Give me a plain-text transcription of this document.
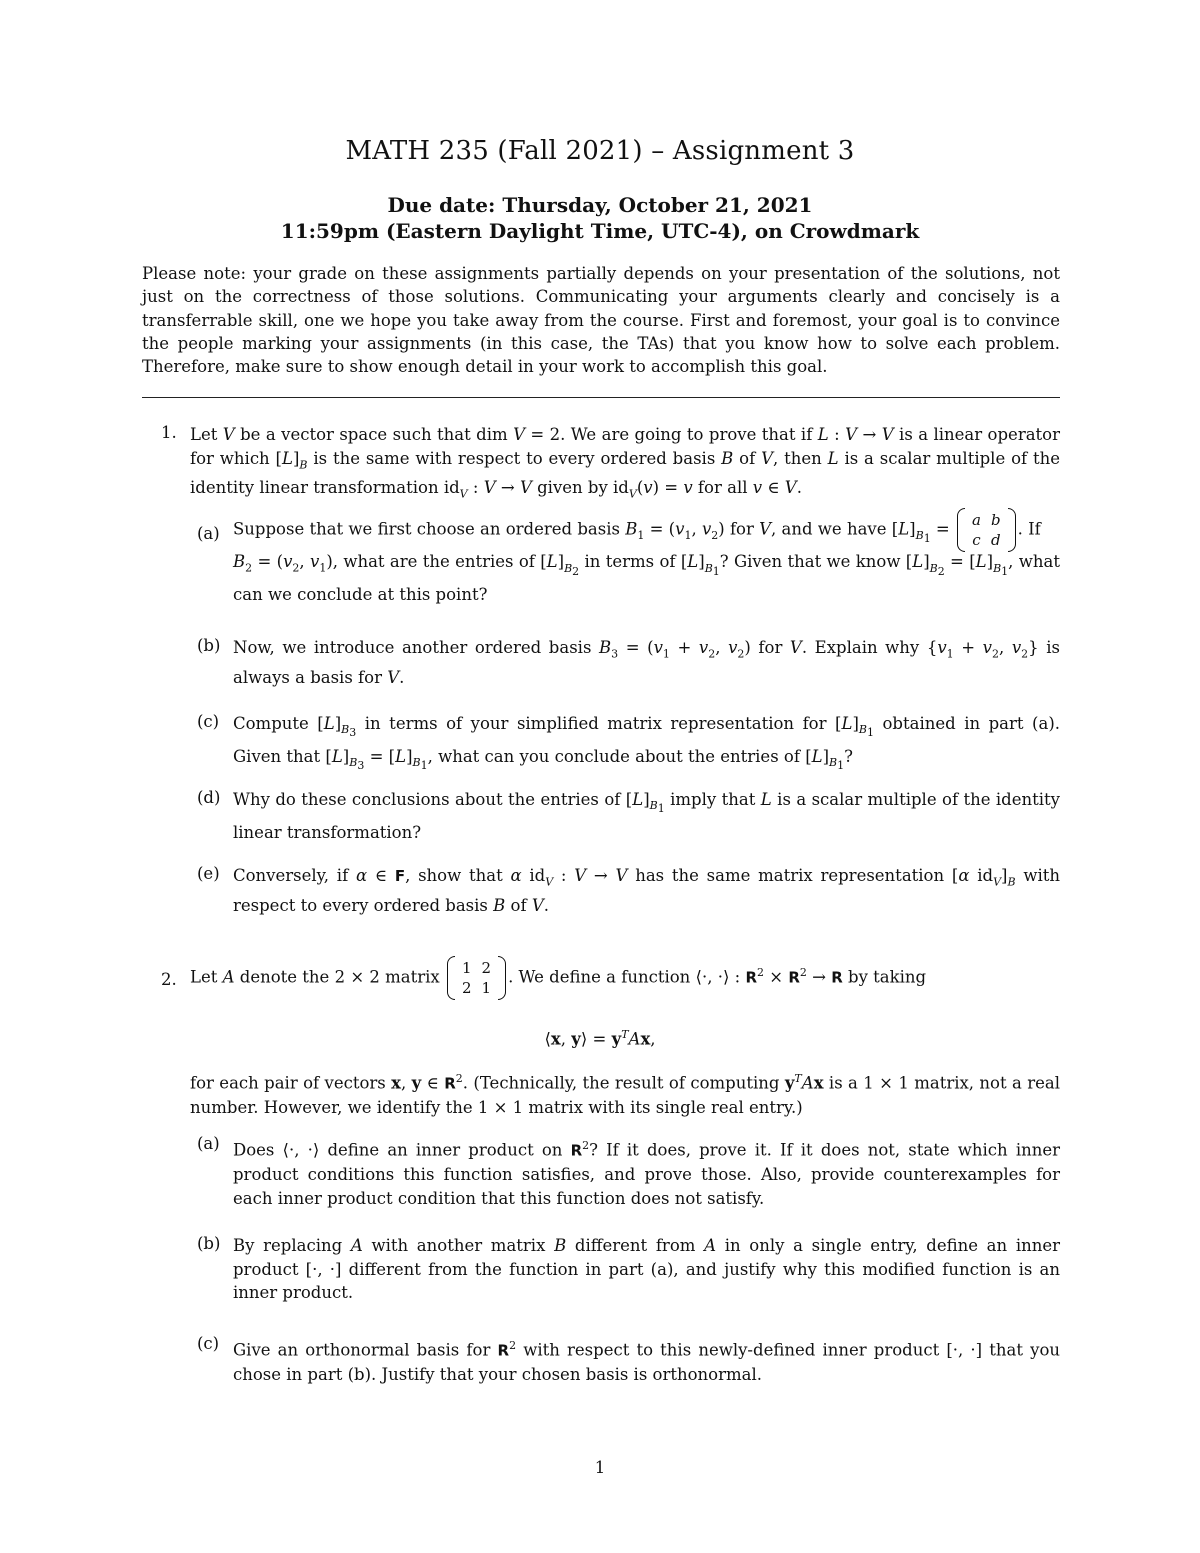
MATH 235 (Fall 2021) – Assignment 3
Due date: Thursday, October 21, 2021
11:59pm (Eastern Daylight Time, UTC-4), on Crowdmark
Please note: your grade on these assignments partially depends on your presentation of the solutions, not just on the correctness of those solutions. Communicating your arguments clearly and concisely is a transferrable skill, one we hope you take away from the course. First and foremost, your goal is to convince the people marking your assignments (in this case, the TAs) that you know how to solve each problem. Therefore, make sure to show enough detail in your work to accomplish this goal.
1. Let V be a vector space such that dim V = 2. We are going to prove that if L : V → V is a linear operator for which $[L]_B$ is the same with respect to every ordered basis B of V, then L is a scalar multiple of the identity linear transformation $id_V$ : V → V given by $id_V(v) = v$ for all v ∈ V.
(a) Suppose that we first choose an ordered basis $B_1 = (v_1$, $v_2$) for V, and we have $[L]_{B_1} = a$	b
c	d
. If
$B_2 = (v_2$, $v_1$), what are the entries of $[L]_{B_2}$ in terms of $[L]_{B_1}$? Given that we know $[L]_{B_2} = [L]_{B_1}$, what can we conclude at this point?
(b) Now, we introduce another ordered basis $B_3 = (v_1 + v_2$, $v_2$) for V. Explain why {$v_1 + v_2$, $v_2$} is always a basis for V.
(c) Compute $[L]_{B_3}$ in terms of your simplified matrix representation for $[L]_{B_1}$ obtained in part (a). Given that $[L]_{B_3} = [L]_{B_1}$, what can you conclude about the entries of $[L]_{B_1}$?
(d) Why do these conclusions about the entries of $[L]_{B_1}$ imply that L is a scalar multiple of the identity linear transformation?
(e) Conversely, if α ∈ F, show that α $id_V$ : V → V has the same matrix representation [α $id_V]_B$ with respect to every ordered basis B of V.
2. Let A denote the 2 × 2 matrix 1	2
2	1
. We define a function ⟨·, ·⟩ : $R^2 \times R^2 \to R$ by taking
⟨x, y⟩ = $y^TAx$,
for each pair of vectors x, y ∈ $R^2$. (Technically, the result of computing $y^TAx$ is a 1 × 1 matrix, not a real number. However, we identify the 1 × 1 matrix with its single real entry.)
(a) Does ⟨·, ·⟩ define an inner product on $R^2$? If it does, prove it. If it does not, state which inner product conditions this function satisfies, and prove those. Also, provide counterexamples for each inner product condition that this function does not satisfy.
(b) By replacing A with another matrix B different from A in only a single entry, define an inner product [·, ·] different from the function in part (a), and justify why this modified function is an inner product.
(c) Give an orthonormal basis for $R^2$ with respect to this newly-defined inner product [·, ·] that you chose in part (b). Justify that your chosen basis is orthonormal.
1
